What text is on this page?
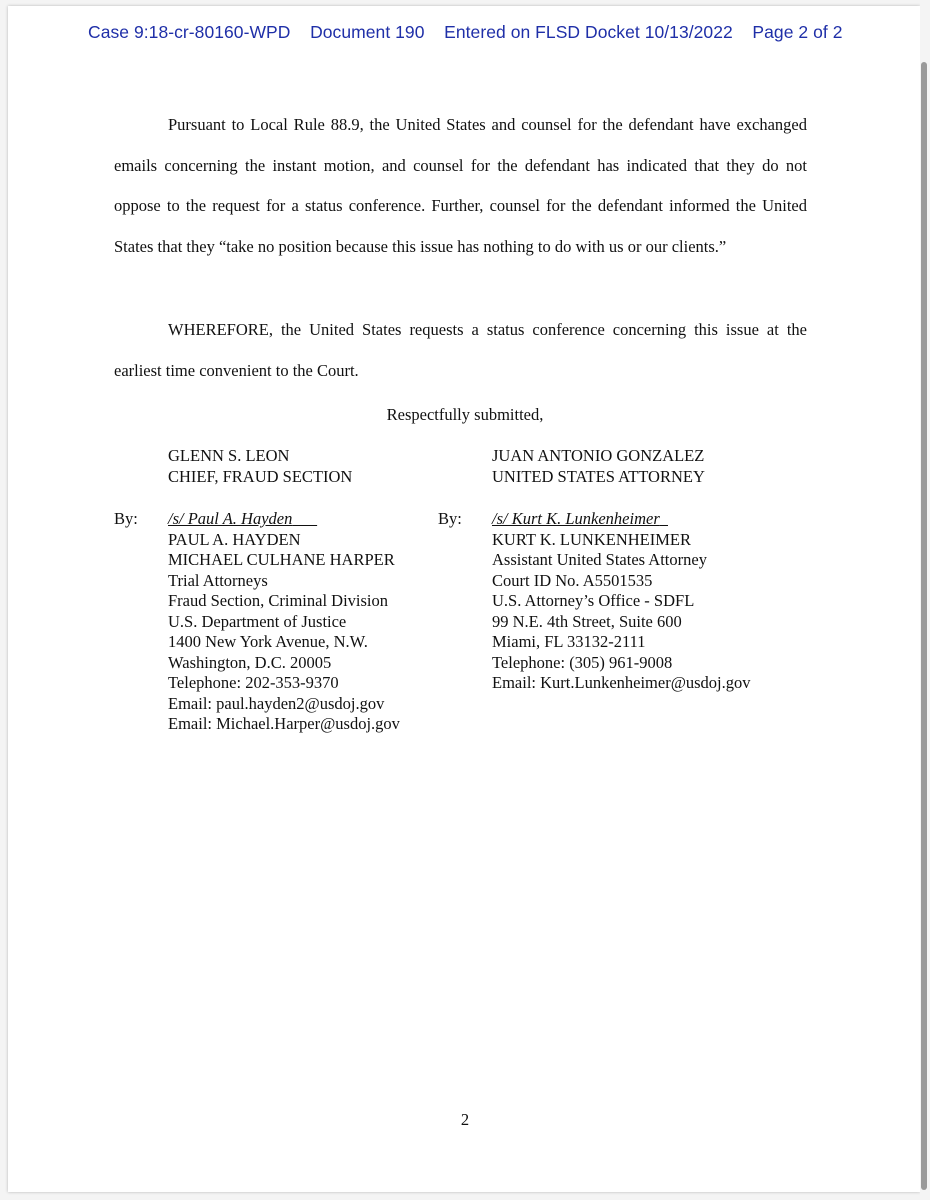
Case 9:18-cr-80160-WPD    Document 190    Entered on FLSD Docket 10/13/2022    Page 2 of 2
Pursuant to Local Rule 88.9, the United States and counsel for the defendant have exchanged emails concerning the instant motion, and counsel for the defendant has indicated that they do not oppose to the request for a status conference. Further, counsel for the defendant informed the United States that they “take no position because this issue has nothing to do with us or our clients.”
WHEREFORE, the United States requests a status conference concerning this issue at the earliest time convenient to the Court.
Respectfully submitted,
GLENN S. LEON
CHIEF, FRAUD SECTION
JUAN ANTONIO GONZALEZ
UNITED STATES ATTORNEY
By:	By:
/s/ Paul A. Hayden
PAUL A. HAYDEN
MICHAEL CULHANE HARPER
Trial Attorneys
Fraud Section, Criminal Division
U.S. Department of Justice
1400 New York Avenue, N.W.
Washington, D.C. 20005
Telephone: 202-353-9370
Email: paul.hayden2@usdoj.gov
Email: Michael.Harper@usdoj.gov
/s/ Kurt K. Lunkenheimer
KURT K. LUNKENHEIMER
Assistant United States Attorney
Court ID No. A5501535
U.S. Attorney’s Office - SDFL
99 N.E. 4th Street, Suite 600
Miami, FL 33132-2111
Telephone: (305) 961-9008
Email: Kurt.Lunkenheimer@usdoj.gov
2
